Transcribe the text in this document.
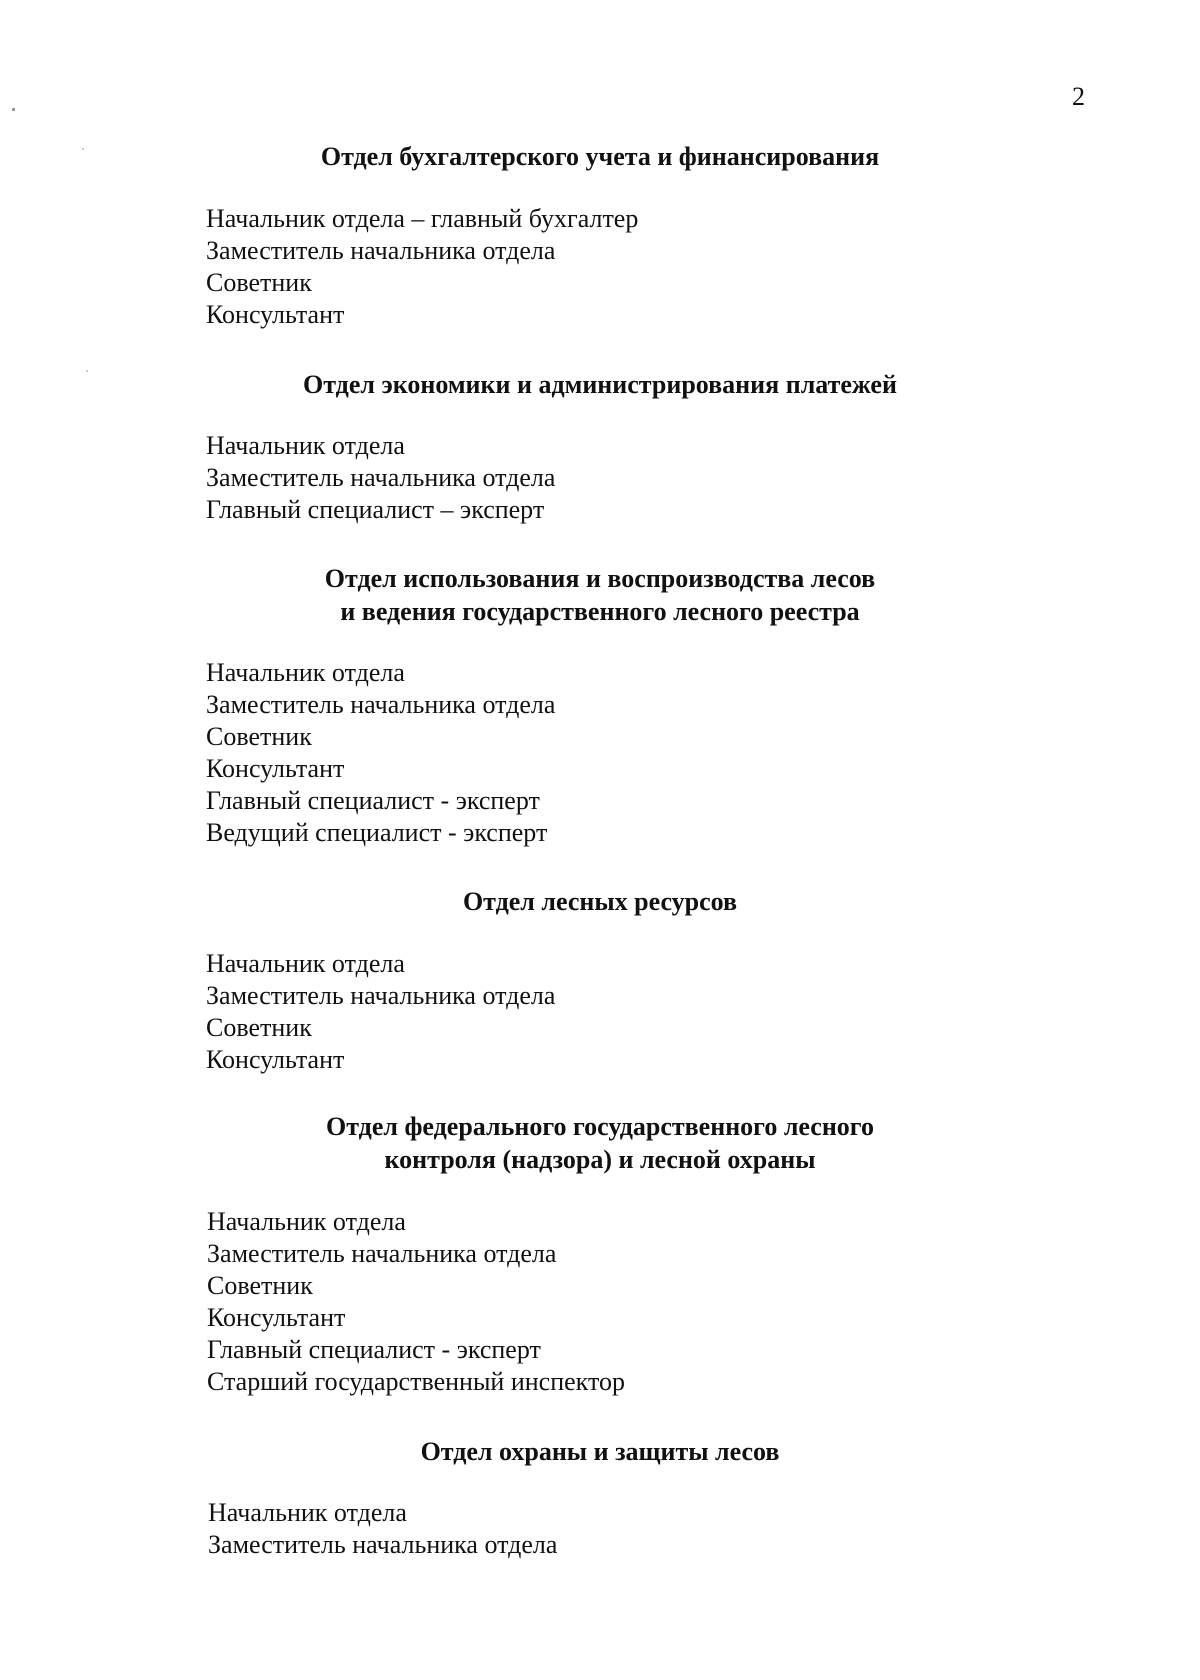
2
Отдел бухгалтерского учета и финансирования
Начальник отдела – главный бухгалтер
Заместитель начальника отдела
Советник
Консультант
Отдел экономики и администрирования платежей
Начальник отдела
Заместитель начальника отдела
Главный специалист – эксперт
Отдел использования и воспроизводства лесов
и ведения государственного лесного реестра
Начальник отдела
Заместитель начальника отдела
Советник
Консультант
Главный специалист - эксперт
Ведущий специалист - эксперт
Отдел лесных ресурсов
Начальник отдела
Заместитель начальника отдела
Советник
Консультант
Отдел федерального государственного лесного
контроля (надзора) и лесной охраны
Начальник отдела
Заместитель начальника отдела
Советник
Консультант
Главный специалист - эксперт
Старший государственный инспектор
Отдел охраны и защиты лесов
Начальник отдела
Заместитель начальника отдела
